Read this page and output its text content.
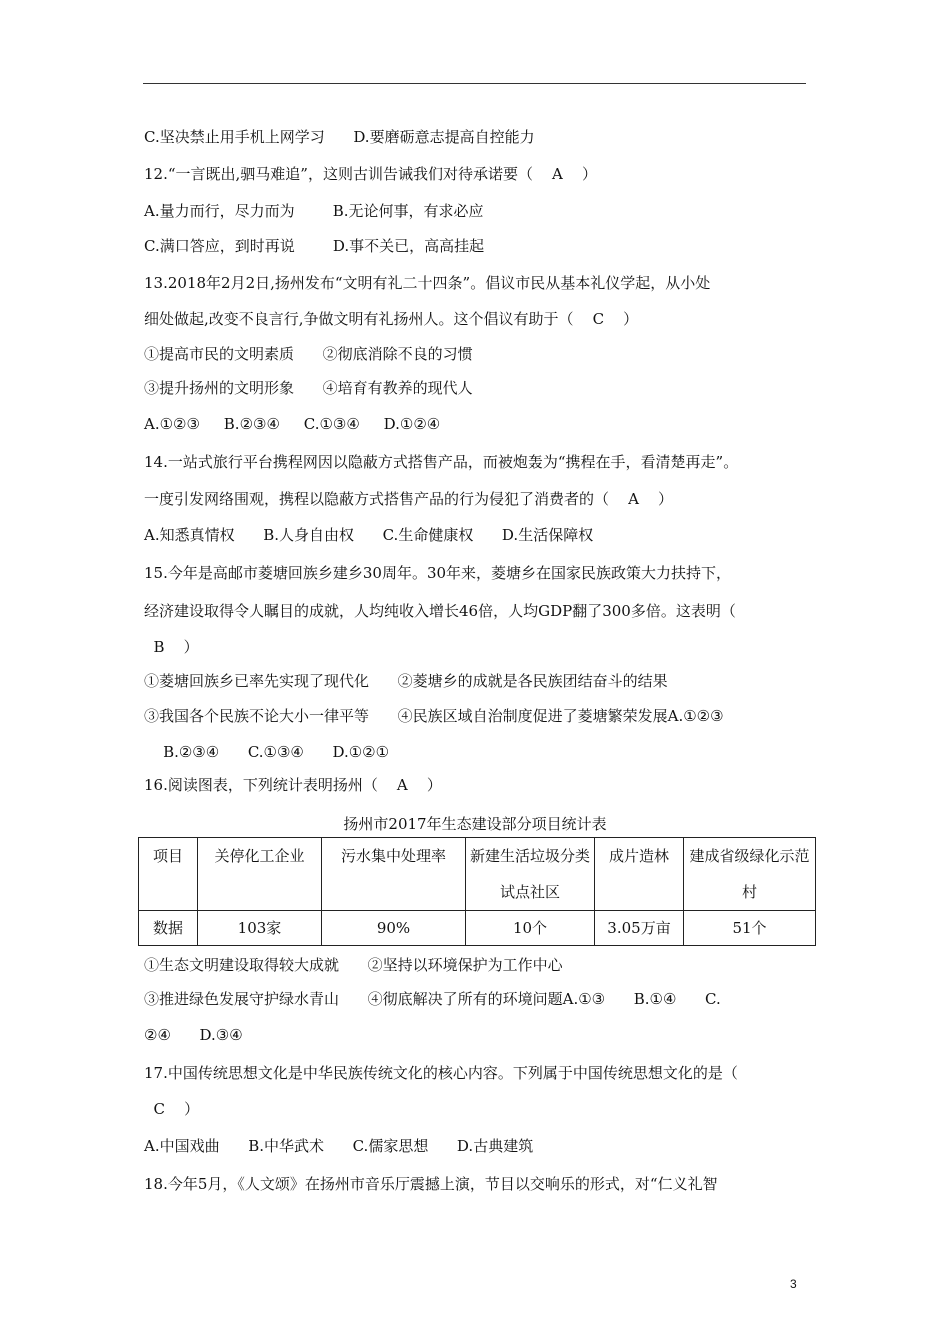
C.坚决禁止用手机上网学习      D.要磨砺意志提高自控能力
12.“一言既出,驷马难追”，这则古训告诫我们对待承诺要（    A    ）
A.量力而行，尽力而为        B.无论何事，有求必应
C.满口答应，到时再说        D.事不关已，高高挂起
13.2018年2月2日,扬州发布“文明有礼二十四条”。倡议市民从基本礼仪学起，从小处
细处做起,改变不良言行,争做文明有礼扬州人。这个倡议有助于（    C    ）
①提高市民的文明素质      ②彻底消除不良的习惯
③提升扬州的文明形象      ④培育有教养的现代人
A.①②③     B.②③④     C.①③④     D.①②④
14.一站式旅行平台携程网因以隐蔽方式搭售产品，而被炮轰为“携程在手，看清楚再走”。
一度引发网络围观，携程以隐蔽方式搭售产品的行为侵犯了消费者的（    A    ）
A.知悉真情权      B.人身自由权      C.生命健康权      D.生活保障权
15.今年是高邮市菱塘回族乡建乡30周年。30年来，菱塘乡在国家民族政策大力扶持下，
经济建设取得令人瞩目的成就，人均纯收入增长46倍，人均GDP翻了300多倍。这表明（
B    ）
①菱塘回族乡已率先实现了现代化      ②菱塘乡的成就是各民族团结奋斗的结果
③我国各个民族不论大小一律平等      ④民族区域自治制度促进了菱塘繁荣发展A.①②③
B.②③④      C.①③④      D.①②①
16.阅读图表，下列统计表明扬州（    A    ）
扬州市2017年生态建设部分项目统计表
项目	关停化工企业	污水集中处理率	新建生活垃圾分类试点社区	成片造林	建成省级绿化示范村
数据	103家	90%	10个	3.05万亩	51个
①生态文明建设取得较大成就      ②坚持以环境保护为工作中心
③推进绿色发展守护绿水青山      ④彻底解决了所有的环境问题A.①③      B.①④      C.
②④      D.③④
17.中国传统思想文化是中华民族传统文化的核心内容。下列属于中国传统思想文化的是（
C    ）
A.中国戏曲      B.中华武术      C.儒家思想      D.古典建筑
18.今年5月，《人文颂》在扬州市音乐厅震撼上演，节目以交响乐的形式，对“仁义礼智
3
